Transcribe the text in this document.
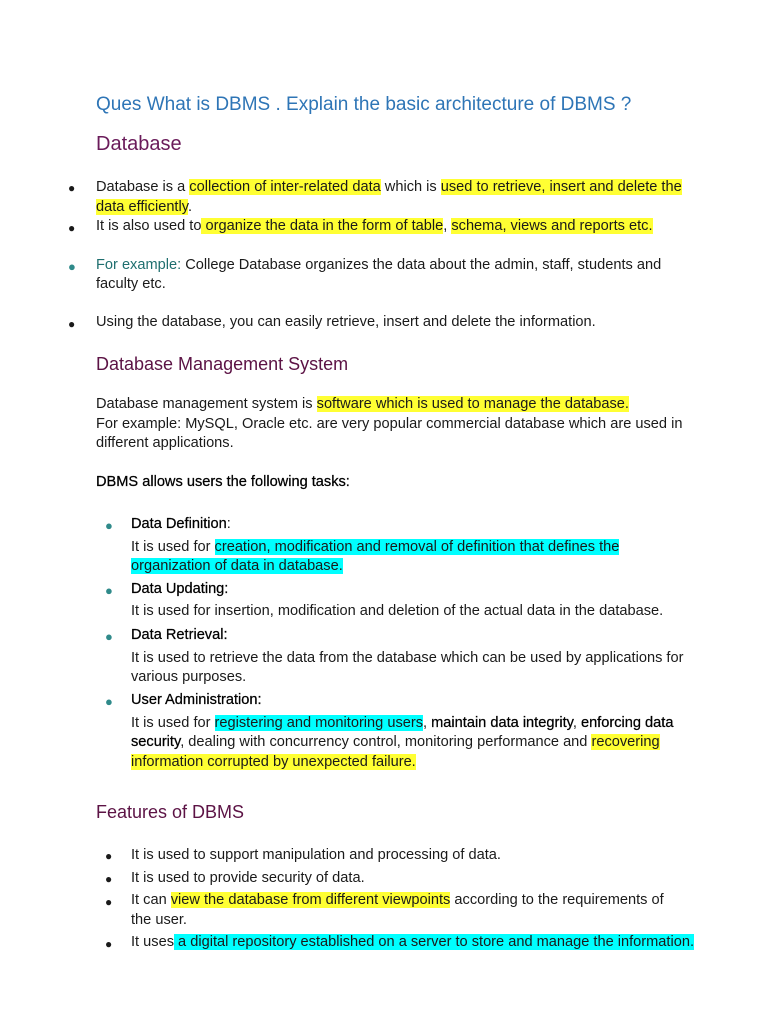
Ques What is DBMS . Explain the basic architecture of DBMS ?
Database
● Database is a collection of inter-related data which is used to retrieve, insert and delete the
data efficiently.
● It is also used to organize the data in the form of table, schema, views and reports etc.
● For example: College Database organizes the data about the admin, staff, students and
faculty etc.
● Using the database, you can easily retrieve, insert and delete the information.
Database Management System
Database management system is software which is used to manage the database.
For example: MySQL, Oracle etc. are very popular commercial database which are used in
different applications.
DBMS allows users the following tasks:
● Data Definition:
It is used for creation, modification and removal of definition that defines the
organization of data in database.
● Data Updating:
It is used for insertion, modification and deletion of the actual data in the database.
● Data Retrieval:
It is used to retrieve the data from the database which can be used by applications for
various purposes.
● User Administration:
It is used for registering and monitoring users, maintain data integrity, enforcing data
security, dealing with concurrency control, monitoring performance and recovering
information corrupted by unexpected failure.
Features of DBMS
● It is used to support manipulation and processing of data.
● It is used to provide security of data.
● It can view the database from different viewpoints according to the requirements of
the user.
● It uses a digital repository established on a server to store and manage the information.
